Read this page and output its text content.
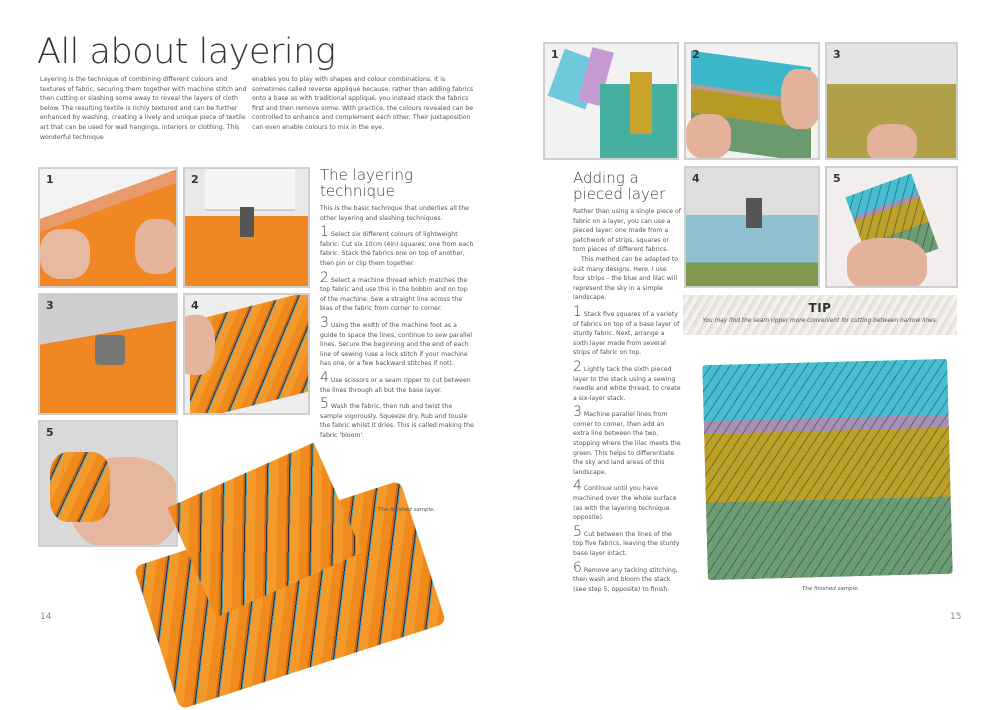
All about layering
Layering is the technique of combining different colours and textures of fabric, securing them together with machine stitch and then cutting or slashing some away to reveal the layers of cloth below. The resulting textile is richly textured and can be further enhanced by washing, creating a lively and unique piece of textile art that can be used for wall hangings, interiors or clothing. This wonderful technique
enables you to play with shapes and colour combinations. It is sometimes called reverse appliqué because, rather than adding fabrics onto a base as with traditional appliqué, you instead stack the fabrics first and then remove some. With practice, the colours revealed can be controlled to enhance and complement each other. Their juxtaposition can even enable colours to mix in the eye.
1	2
3	4
5
The layering
technique
This is the basic technique that underlies all the other layering and slashing techniques.
1 Select six different colours of lightweight fabric. Cut six 10cm (4in) squares; one from each fabric. Stack the fabrics one on top of another, then pin or clip them together.
2 Select a machine thread which matches the top fabric and use this in the bobbin and on top of the machine. Sew a straight line across the bias of the fabric from corner to corner.
3 Using the width of the machine foot as a guide to space the lines, continue to sew parallel lines. Secure the beginning and the end of each line of sewing (use a lock stitch if your machine has one, or a few backward stitches if not).
4 Use scissors or a seam ripper to cut between the lines through all but the base layer.
5 Wash the fabric, then rub and twist the sample vigorously. Squeeze dry. Rub and tousle the fabric whilst it dries. This is called making the fabric 'bloom'.
The finished sample.
14
1	2	3
4	5
Adding a
pieced layer
Rather than using a single piece of fabric on a layer, you can use a pieced layer: one made from a patchwork of strips, squares or torn pieces of different fabrics.
This method can be adapted to suit many designs. Here, I use four strips – the blue and lilac will represent the sky in a simple landscape.
1 Stack five squares of a variety of fabrics on top of a base layer of sturdy fabric. Next, arrange a sixth layer made from several strips of fabric on top.
2 Lightly tack the sixth pieced layer to the stack using a sewing needle and white thread, to create a six-layer stack.
3 Machine parallel lines from corner to corner, then add an extra line between the two, stopping where the lilac meets the green. This helps to differentiate the sky and land areas of this landscape.
4 Continue until you have machined over the whole surface (as with the layering technique opposite).
5 Cut between the lines of the top five fabrics, leaving the sturdy base layer intact.
6 Remove any tacking stitching, then wash and bloom the stack (see step 5, opposite) to finish.
TIP
You may find the seam ripper more convenient for cutting between narrow lines.
The finished sample.
15
